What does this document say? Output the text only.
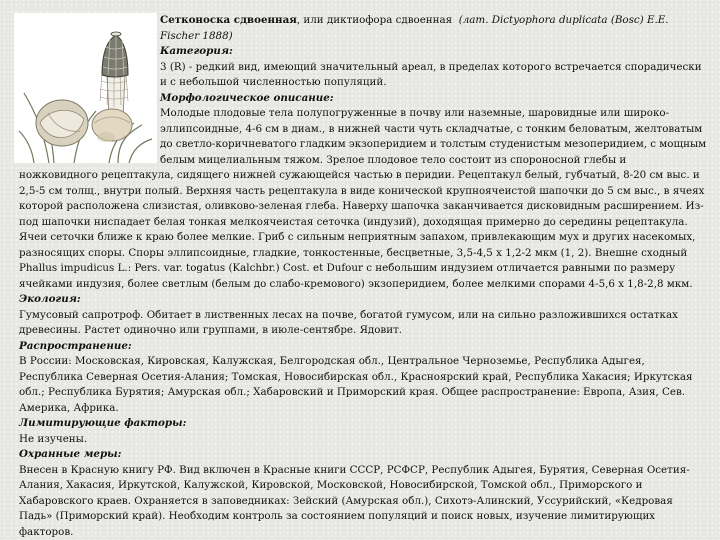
Сетконоска сдвоенная, или диктиофора сдвоенная (лат. Dictyophora duplicata (Bosc) E.E. Fischer 1888)

Категория:

3 (R) - редкий вид, имеющий значительный ареал, в пределах которого встречается спорадически и с небольшой численностью популяций.

Морфологическое описание:

Молодые плодовые тела полупогруженные в почву или наземные, шаровидные или широко-эллипсоидные, 4-6 см в диам., в нижней части чуть складчатые, с тонким беловатым, желтоватым до светло-коричневатого гладким экзоперидием и толстым студенистым мезоперидием, с мощным белым мицелиальным тяжом. Зрелое плодовое тело состоит из спороносной глебы и ножковидного рецептакула, сидящего нижней сужающейся частью в перидии. Рецептакул белый, губчатый, 8-20 см выс. и 2,5-5 см толщ., внутри полый. Верхняя часть рецептакула в виде конической крупноячеистой шапочки до 5 см выс., в ячеях которой расположена слизистая, оливково-зеленая глеба. Наверху шапочка заканчивается дисковидным расширением. Из-под шапочки ниспадает белая тонкая мелкоячеистая сеточка (индузий), доходящая примерно до середины рецептакула. Ячеи сеточки ближе к краю более мелкие. Гриб с сильным неприятным запахом, привлекающим мух и других насекомых, разносящих споры. Споры эллипсоидные, гладкие, тонкостенные, бесцветные, 3,5-4,5 х 1,2-2 мкм (1, 2). Внешне сходный Phallus impudicus L.: Pers. var. togatus (Kalchbr.) Cost. et Dufour с небольшим индузием отличается равными по размеру ячейками индузия, более светлым (белым до слабо-кремового) экзоперидием, более мелкими спорами 4-5,6 х 1,8-2,8 мкм.

Экология:

Гумусовый сапротроф. Обитает в лиственных лесах на почве, богатой гумусом, или на сильно разложившихся остатках древесины. Растет одиночно или группами, в июле-сентябре. Ядовит.

Распространение:

В России: Московская, Кировская, Калужская, Белгородская обл., Центральное Черноземье, Республика Адыгея, Республика Северная Осетия-Алания; Томская, Новосибирская обл., Красноярский край, Республика Хакасия; Иркутская обл.; Республика Бурятия; Амурская обл.; Хабаровский и Приморский края. Общее распространение: Европа, Азия, Сев. Америка, Африка.

Лимитирующие факторы:

Не изучены.

Охранные меры:

Внесен в Красную книгу РФ. Вид включен в Красные книги СССР, РСФСР, Республик Адыгея, Бурятия, Северная Осетия-Алания, Хакасия, Иркутской, Калужской, Кировской, Московской, Новосибирской, Томской обл., Приморского и Хабаровского краев. Охраняется в заповедниках: Зейский (Амурская обл.), Сихотэ-Алинский, Уссурийский, «Кедровая Падь» (Приморский край). Необходим контроль за состоянием популяций и поиск новых, изучение лимитирующих факторов.
